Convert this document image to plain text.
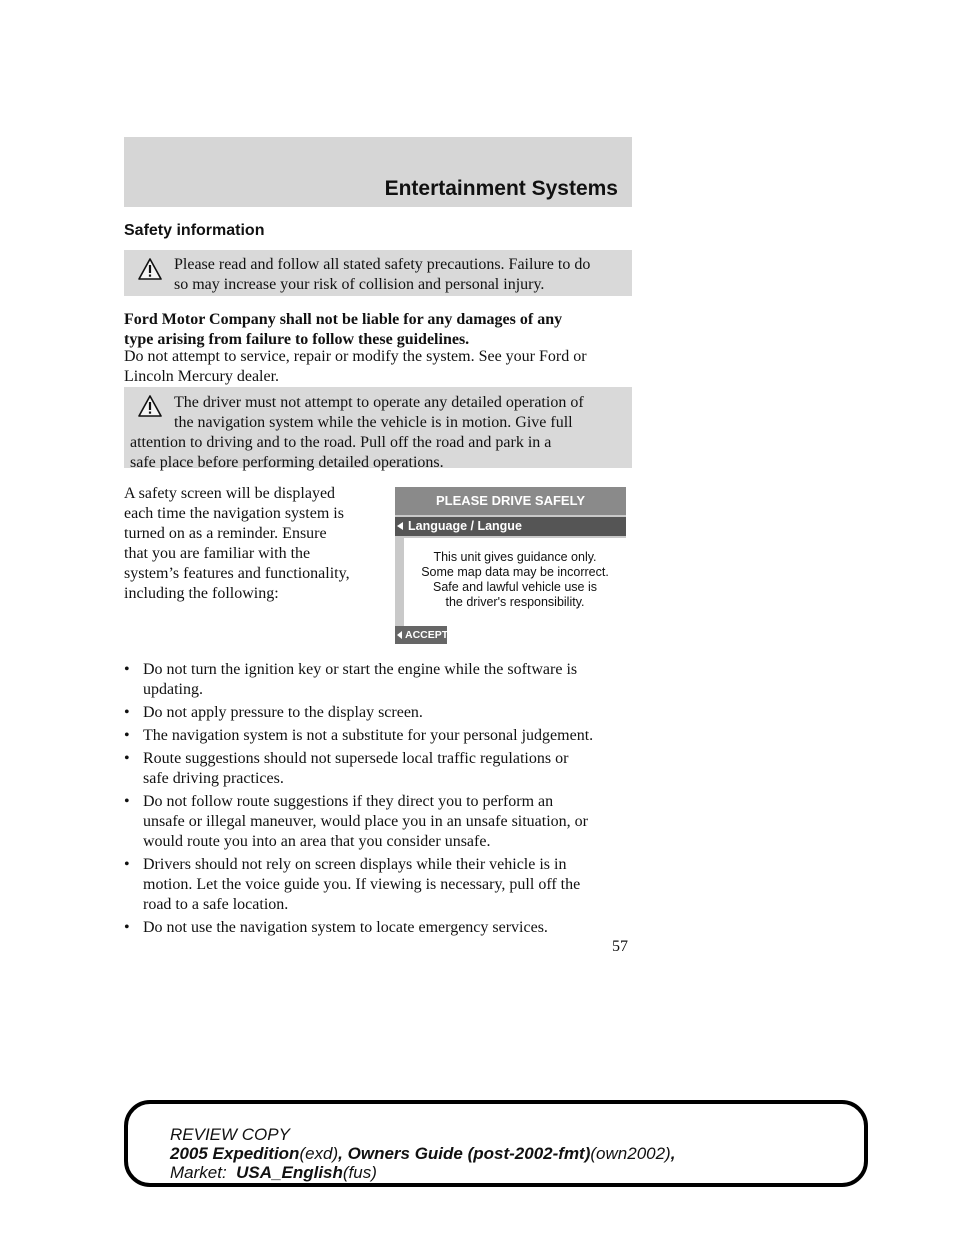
Entertainment Systems
Safety information
Please read and follow all stated safety precautions. Failure to do
so may increase your risk of collision and personal injury.
Ford Motor Company shall not be liable for any damages of any
type arising from failure to follow these guidelines.
Do not attempt to service, repair or modify the system. See your Ford or
Lincoln Mercury dealer.
The driver must not attempt to operate any detailed operation of
the navigation system while the vehicle is in motion. Give full
attention to driving and to the road. Pull off the road and park in a
safe place before performing detailed operations.
A safety screen will be displayed
each time the navigation system is
turned on as a reminder. Ensure
that you are familiar with the
system’s features and functionality,
including the following:
PLEASE DRIVE SAFELY
Language / Langue
This unit gives guidance only.
Some map data may be incorrect.
Safe and lawful vehicle use is
the driver's responsibility.
ACCEPT
• Do not turn the ignition key or start the engine while the software is
updating.
• Do not apply pressure to the display screen.
• The navigation system is not a substitute for your personal judgement.
• Route suggestions should not supersede local traffic regulations or
safe driving practices.
• Do not follow route suggestions if they direct you to perform an
unsafe or illegal maneuver, would place you in an unsafe situation, or
would route you into an area that you consider unsafe.
• Drivers should not rely on screen displays while their vehicle is in
motion. Let the voice guide you. If viewing is necessary, pull off the
road to a safe location.
• Do not use the navigation system to locate emergency services.
57
REVIEW COPY
2005 Expedition(exd), Owners Guide (post-2002-fmt)(own2002),
Market: USA_English(fus)
